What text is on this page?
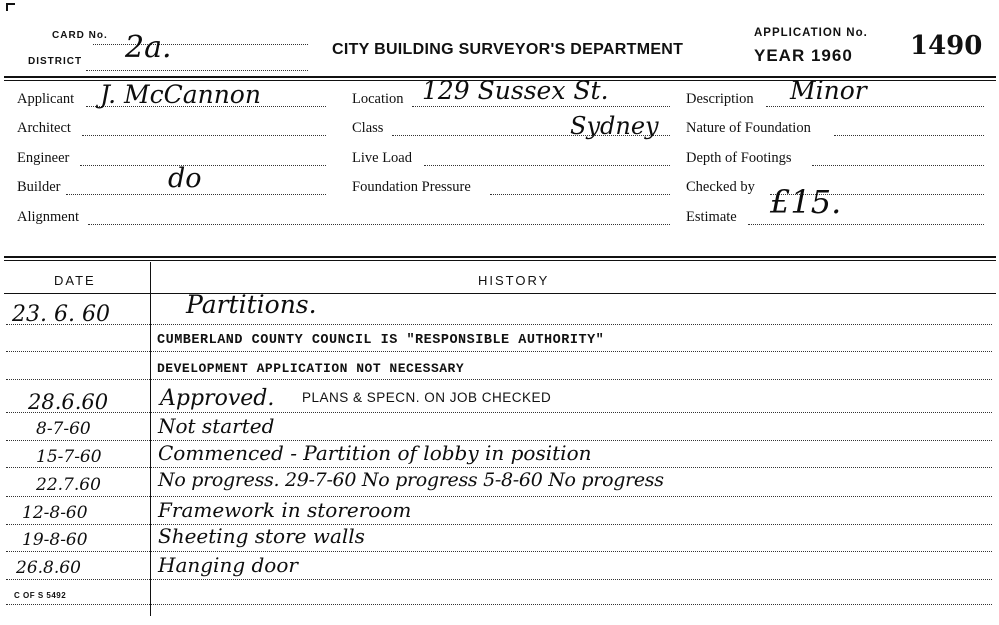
CARD No.
DISTRICT 2a.	CITY BUILDING SURVEYOR'S DEPARTMENT
APPLICATION No.
YEAR 1960 1490
Applicant J. McCannon
Architect
Engineer
Builder	do
Alignment
Location 129 Sussex St.
Class	Sydney
Live Load
Foundation Pressure
Description Minor
Nature of Foundation
Depth of Footings
Checked by £15.
Estimate
DATE	HISTORY
23. 6. 60	Partitions.
CUMBERLAND COUNTY COUNCIL IS "RESPONSIBLE AUTHORITY"
DEVELOPMENT APPLICATION NOT NECESSARY
28.6.60 Approved. PLANS & SPECN. ON JOB CHECKED
8-7-60	Not started
15-7-60	Commenced - Partition of lobby in position
22.7.60	No progress. 29-7-60 No progress 5-8-60 No progress
12-8-60	Framework in storeroom
19-8-60	Sheeting store walls
26.8.60	Hanging door
C OF S 5492
